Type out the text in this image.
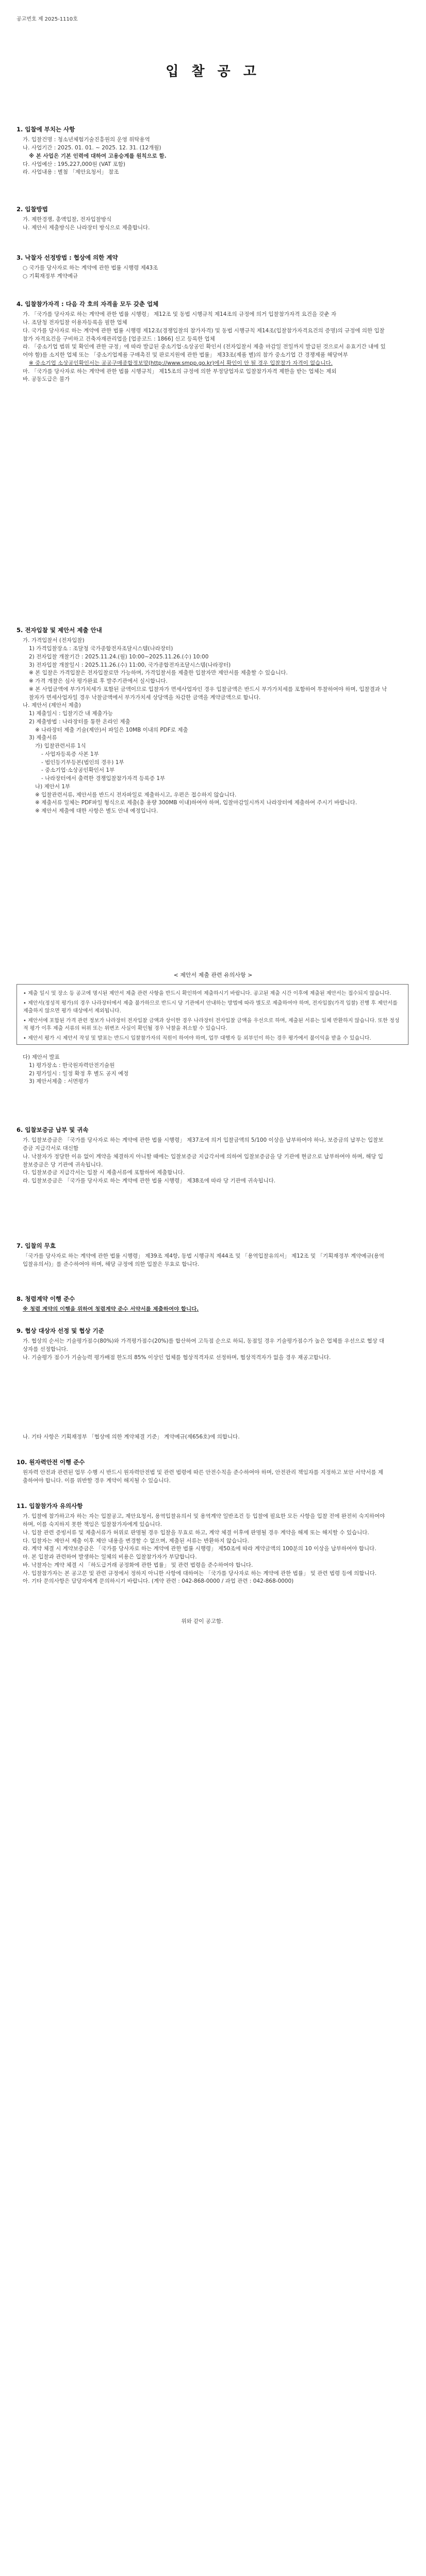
공고번호 제 2025-1110호
입 찰 공 고
1. 입찰에 부치는 사항

가. 입찰건명 : 청소년체험기술진흥원의 운영 위탁용역

나. 사업기간 : 2025. 01. 01. ~ 2025. 12. 31. (12개월)

※ 본 사업은 기본 인력에 대하여 고용승계를 원칙으로 함.

다. 사업예산 : 195,227,000원 (VAT 포함)

라. 사업내용 : 별첨 「제안요청서」 참조

2. 입찰방법

가. 제한경쟁, 총액입찰, 전자입찰방식

나. 제안서 제출방식은 나라장터 방식으로 제출합니다.

3. 낙찰자 선정방법 : 협상에 의한 계약

○ 국가를 당사자로 하는 계약에 관한 법률 시행령 제43조

○ 기획재정부 계약예규

4. 입찰참가자격 : 다음 각 호의 자격을 모두 갖춘 업체

가. 「국가를 당사자로 하는 계약에 관한 법률 시행령」 제12조 및 동법 시행규칙 제14조의 규정에 의거 입찰참가자격 요건을 갖춘 자

나. 조달청 전자입찰 이용자등록을 필한 업체

다. 국가를 당사자로 하는 계약에 관한 법률 시행령 제12조(경쟁입찰의 참가자격) 및 동법 시행규칙 제14조(입찰참가자격요건의 증명)의 규정에 의한 입찰 참가 자격요건을 구비하고 건축자재관리업을 [업종코드 : 1866] 신고 등록한 업체

라. 「중소기업 범위 및 확인에 관한 규정」에 따라 발급된 중소기업·소상공인 확인서 (전자입찰서 제출 마감일 전일까지 발급된 것으로서 유효기간 내에 있어야 함)를 소지한 업체 또는 「중소기업제품 구매촉진 및 판로지원에 관한 법률」 제33조(제품 별)의 참가 중소기업 간 경쟁제품 해당여부

※ 중소기업 소상공인확인서는 공공구매종합정보망(http://www.smpp.go.kr)에서 확인이 안 될 경우 입찰참가 자격이 없습니다.

마. 「국가를 당사자로 하는 계약에 관한 법률 시행규칙」 제15조의 규정에 의한 부정당업자로 입찰참가자격 제한을 받는 업체는 제외

바. 공동도급은 불가

5. 전자입찰 및 제안서 제출 안내

가. 가격입찰서 (전자입찰)

1) 가격입찰장소 : 조달청 국가종합전자조달시스템(나라장터)

2) 전자입찰 개찰기간 : 2025.11.24.(월) 10:00~2025.11.26.(수) 10:00

3) 전자입찰 개찰일시 : 2025.11.26.(수) 11:00, 국가종합전자조달시스템(나라장터)

※ 본 입찰은 가격입찰은 전자입찰로만 가능하며, 가격입찰서를 제출한 입찰자만 제안서를 제출할 수 있습니다.

※ 가격 개찰은 심사 평가완료 후 발주기관에서 실시합니다.

※ 본 사업금액에 부가가치세가 포함된 금액이므로 입찰자가 면세사업자인 경우 입찰금액은 반드시 부가가치세를 포함하여 투찰하여야 하며, 입찰결과 낙찰자가 면세사업자일 경우 낙찰금액에서 부가가치세 상당액을 차감한 금액을 계약금액으로 합니다.

나. 제안서 (제안서 제출)

1) 제출일시 : 입찰기간 내 제출가능

2) 제출방법 : 나라장터를 통한 온라인 제출

※ 나라장터 제출 기술(제안)서 파일은 10MB 이내의 PDF로 제출

3) 제출서류

가) 입찰관련서류 1식

- 사업자등록증 사본 1부

- 법인등기부등본(법인의 경우) 1부

- 중소기업·소상공인확인서 1부

- 나라장터에서 출력한 경쟁입찰참가자격 등록증 1부

나) 제안서 1부

※ 입찰관련서류, 제안서를 반드시 전자파일로 제출하시고, 우편은 접수하지 않습니다.

※ 제출서류 일체는 PDF파일 형식으로 제출(총 용량 300MB 이내)하여야 하며, 입찰마감일시까지 나라장터에 제출하여 주시기 바랍니다.

※ 제안서 제출에 대한 사항은 별도 안내 예정입니다.

< 제안서 제출 관련 유의사항 >

• 제출 일시 및 장소 등 공고에 명시된 제안서 제출 관련 사항을 반드시 확인하여 제출하시기 바랍니다. 공고된 제출 시간 이후에 제출된 제안서는 접수되지 않습니다.

• 제안서(정성적 평가)의 경우 나라장터에서 제출 불가하므로 반드시 당 기관에서 안내하는 방법에 따라 별도로 제출하여야 하며, 전자입찰(가격 입찰) 진행 후 제안서를 제출하지 않으면 평가 대상에서 제외됩니다.

• 제안서에 포함된 가격 관련 정보가 나라장터 전자입찰 금액과 상이한 경우 나라장터 전자입찰 금액을 우선으로 하며, 제출된 서류는 일체 반환하지 않습니다. 또한 정성적 평가 이후 제출 서류의 허위 또는 위변조 사실이 확인될 경우 낙찰을 취소할 수 있습니다.

• 제안서 평가 시 제안서 작성 및 발표는 반드시 입찰참가자의 직원이 하여야 하며, 업무 대행자 등 외부인이 하는 경우 평가에서 불이익을 받을 수 있습니다.

다) 제안서 발표

1) 평가장소 : 한국원자력안전기술원

2) 평가일시 : 일정 확정 후 별도 공지 예정

3) 제안서제출 : 서면평가

6. 입찰보증금 납부 및 귀속

가. 입찰보증금은 「국가를 당사자로 하는 계약에 관한 법률 시행령」 제37조에 의거 입찰금액의 5/100 이상을 납부하여야 하나, 보증금의 납부는 입찰보증금 지급각서로 대신함

나. 낙찰자가 정당한 이유 없이 계약을 체결하지 아니할 때에는 입찰보증금 지급각서에 의하여 입찰보증금을 당 기관에 현금으로 납부하여야 하며, 해당 입찰보증금은 당 기관에 귀속됩니다.

다. 입찰보증금 지급각서는 입찰 시 제출서류에 포함하여 제출합니다.

라. 입찰보증금은 「국가를 당사자로 하는 계약에 관한 법률 시행령」 제38조에 따라 당 기관에 귀속됩니다.

7. 입찰의 무효

「국가를 당사자로 하는 계약에 관한 법률 시행령」 제39조 제4항, 동법 시행규칙 제44조 및 「용역입찰유의서」 제12조 및 「기획재정부 계약예규(용역입찰유의서)」를 준수하여야 하며, 해당 규정에 의한 입찰은 무효로 합니다.

8. 청렴계약 이행 준수

※ 청렴 계약의 이행을 위하여 청렴계약 준수 서약서를 제출하여야 합니다.

9. 협상 대상자 선정 및 협상 기준

가. 협상의 순서는 기술평가점수(80%)와 가격평가점수(20%)를 합산하여 고득점 순으로 하되, 동점일 경우 기술평가점수가 높은 업체를 우선으로 협상 대상자를 선정합니다.

나. 기술평가 점수가 기술능력 평가배점 한도의 85% 이상인 업체를 협상적격자로 선정하며, 협상적격자가 없을 경우 재공고합니다.

나. 기타 사항은 기획재정부 「협상에 의한 계약체결 기준」 계약예규(제656호)에 의합니다.

10. 원자력안전 이행 준수

원자력 안전과 관련된 업무 수행 시 반드시 원자력안전법 및 관련 법령에 따른 안전수칙을 준수하여야 하며, 안전관리 책임자를 지정하고 보안 서약서를 제출하여야 합니다. 이를 위반할 경우 계약이 해지될 수 있습니다.

11. 입찰참가자 유의사항

가. 입찰에 참가하고자 하는 자는 입찰공고, 제안요청서, 용역입찰유의서 및 용역계약 일반조건 등 입찰에 필요한 모든 사항을 입찰 전에 완전히 숙지하여야 하며, 이를 숙지하지 못한 책임은 입찰참가자에게 있습니다.

나. 입찰 관련 증빙서류 및 제출서류가 허위로 판명될 경우 입찰을 무효로 하고, 계약 체결 이후에 판명될 경우 계약을 해제 또는 해지할 수 있습니다.

다. 입찰자는 제안서 제출 이후 제안 내용을 변경할 수 없으며, 제출된 서류는 반환하지 않습니다.

라. 계약 체결 시 계약보증금은 「국가를 당사자로 하는 계약에 관한 법률 시행령」 제50조에 따라 계약금액의 100분의 10 이상을 납부하여야 합니다.

마. 본 입찰과 관련하여 발생하는 일체의 비용은 입찰참가자가 부담합니다.

바. 낙찰자는 계약 체결 시 「하도급거래 공정화에 관한 법률」 및 관련 법령을 준수하여야 합니다.

사. 입찰참가자는 본 공고문 및 관련 규정에서 정하지 아니한 사항에 대하여는 「국가를 당사자로 하는 계약에 관한 법률」 및 관련 법령 등에 의합니다.

아. 기타 문의사항은 담당자에게 문의하시기 바랍니다. (계약 관련 : 042-868-0000 / 과업 관련 : 042-868-0000)

위와 같이 공고함.
